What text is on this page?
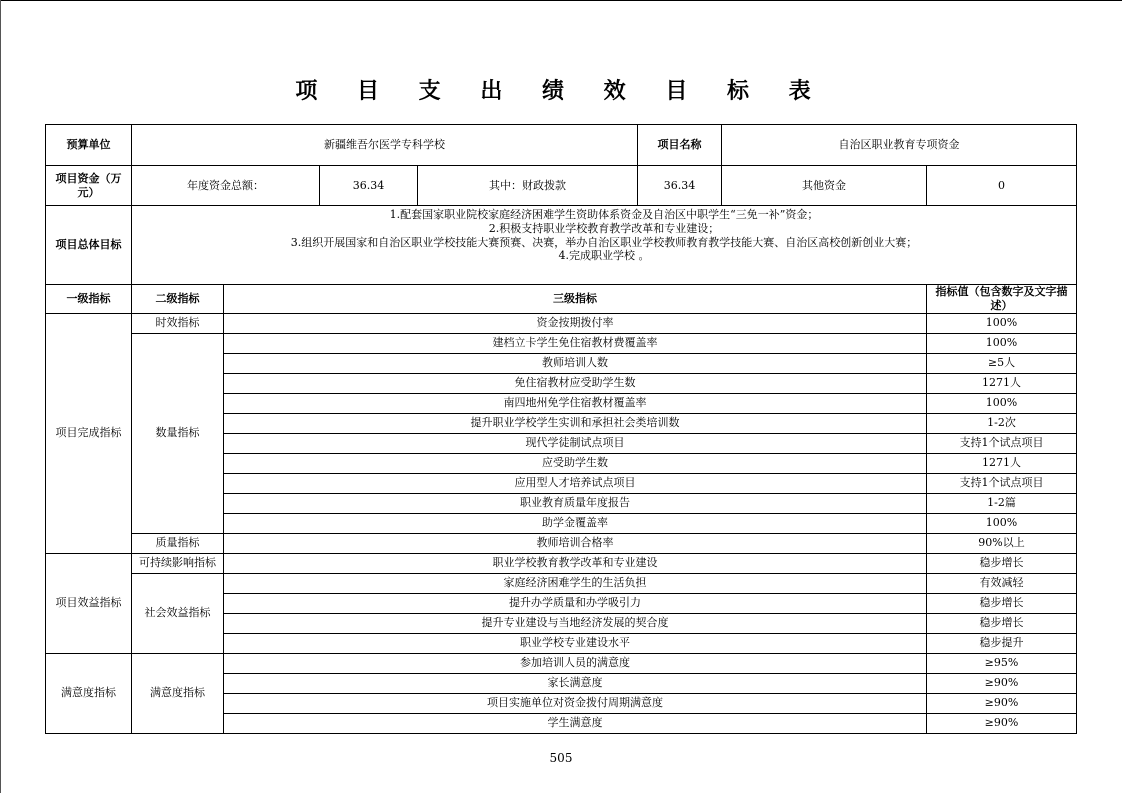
项 目 支 出 绩 效 目 标 表
预算单位	新疆维吾尔医学专科学校				项目名称	自治区职业教育专项资金	
项目资金（万元）	年度资金总额：		36.34	其中：财政拨款	36.34	其他资金	0
项目总体目标	1.配套国家职业院校家庭经济困难学生资助体系资金及自治区中职学生“三免一补”资金；
2.积极支持职业学校教育教学改革和专业建设；
3.组织开展国家和自治区职业学校技能大赛预赛、决赛，举办自治区职业学校教师教育教学技能大赛、自治区高校创新创业大赛；
4.完成职业学校 。						

一级指标	二级指标	三级指标					指标值（包含数字及文字描述）
项目完成指标	时效指标	资金按期拨付率					100%
	数量指标	建档立卡学生免住宿教材费覆盖率					100%
		教师培训人数					≥5人
		免住宿教材应受助学生数					1271人
		南四地州免学住宿教材覆盖率					100%
		提升职业学校学生实训和承担社会类培训数					1-2次
		现代学徒制试点项目					支持1个试点项目
		应受助学生数					1271人
		应用型人才培养试点项目					支持1个试点项目
		职业教育质量年度报告					1-2篇
		助学金覆盖率					100%
	质量指标	教师培训合格率					90%以上
项目效益指标	可持续影响指标	职业学校教育教学改革和专业建设					稳步增长
	社会效益指标	家庭经济困难学生的生活负担					有效减轻
		提升办学质量和办学吸引力					稳步增长
		提升专业建设与当地经济发展的契合度					稳步增长
		职业学校专业建设水平					稳步提升
满意度指标	满意度指标	参加培训人员的满意度					≥95%
		家长满意度					≥90%
		项目实施单位对资金拨付周期满意度					≥90%
		学生满意度					≥90%
505
